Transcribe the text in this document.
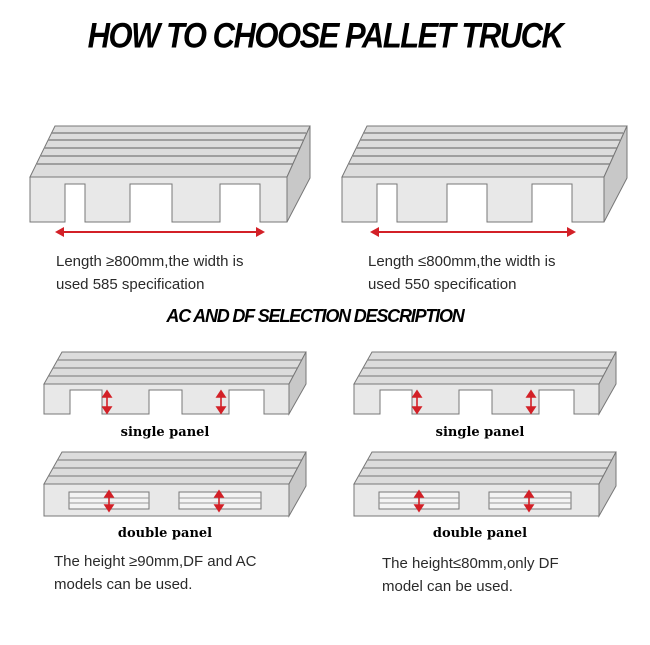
HOW TO CHOOSE PALLET TRUCK
Length ≥800mm,the width is
used 585 specification
Length ≤800mm,the width is
used 550 specification
AC AND DF SELECTION DESCRIPTION
single panel	single panel
double panel	double panel
The height ≥90mm,DF and AC
models can be used.
The height≤80mm,only DF
model can be used.
